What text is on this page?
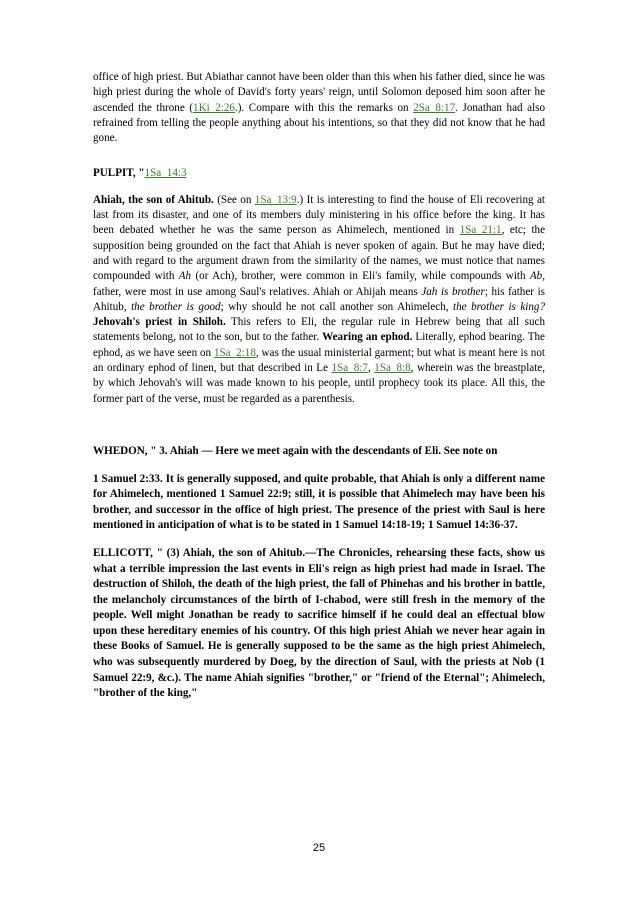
office of high priest. But Abiathar cannot have been older than this when his father died, since he was high priest during the whole of David's forty years' reign, until Solomon deposed him soon after he ascended the throne (1Ki_2:26.). Compare with this the remarks on 2Sa_8:17. Jonathan had also refrained from telling the people anything about his intentions, so that they did not know that he had gone.

PULPIT, "1Sa_14:3

Ahiah, the son of Ahitub. (See on 1Sa_13:9.) It is interesting to find the house of Eli recovering at last from its disaster, and one of its members duly ministering in his office before the king. It has been debated whether he was the same person as Ahimelech, mentioned in 1Sa_21:1, etc; the supposition being grounded on the fact that Ahiah is never spoken of again. But he may have died; and with regard to the argument drawn from the similarity of the names, we must notice that names compounded with Ah (or Ach), brother, were common in Eli's family, while compounds with Ab, father, were most in use among Saul's relatives. Ahiah or Ahijah means Jah is brother; his father is Ahitub, the brother is good; why should he not call another son Ahimelech, the brother is king? Jehovah's priest in Shiloh. This refers to Eli, the regular rule in Hebrew being that all such statements belong, not to the son, but to the father. Wearing an ephod. Literally, ephod bearing. The ephod, as we have seen on 1Sa_2:18, was the usual ministerial garment; but what is meant here is not an ordinary ephod of linen, but that described in Le 1Sa_8:7, 1Sa_8:8, wherein was the breastplate, by which Jehovah's will was made known to his people, until prophecy took its place. All this, the former part of the verse, must be regarded as a parenthesis.

WHEDON, " 3. Ahiah — Here we meet again with the descendants of Eli. See note on

1 Samuel 2:33. It is generally supposed, and quite probable, that Ahiah is only a different name for Ahimelech, mentioned 1 Samuel 22:9; still, it is possible that Ahimelech may have been his brother, and successor in the office of high priest. The presence of the priest with Saul is here mentioned in anticipation of what is to be stated in 1 Samuel 14:18-19; 1 Samuel 14:36-37.

ELLICOTT, " (3) Ahiah, the son of Ahitub.—The Chronicles, rehearsing these facts, show us what a terrible impression the last events in Eli's reign as high priest had made in Israel. The destruction of Shiloh, the death of the high priest, the fall of Phinehas and his brother in battle, the melancholy circumstances of the birth of I-chabod, were still fresh in the memory of the people. Well might Jonathan be ready to sacrifice himself if he could deal an effectual blow upon these hereditary enemies of his country. Of this high priest Ahiah we never hear again in these Books of Samuel. He is generally supposed to be the same as the high priest Ahimelech, who was subsequently murdered by Doeg, by the direction of Saul, with the priests at Nob (1 Samuel 22:9, &c.). The name Ahiah signifies "brother," or "friend of the Eternal"; Ahimelech, "brother of the king,"

25
